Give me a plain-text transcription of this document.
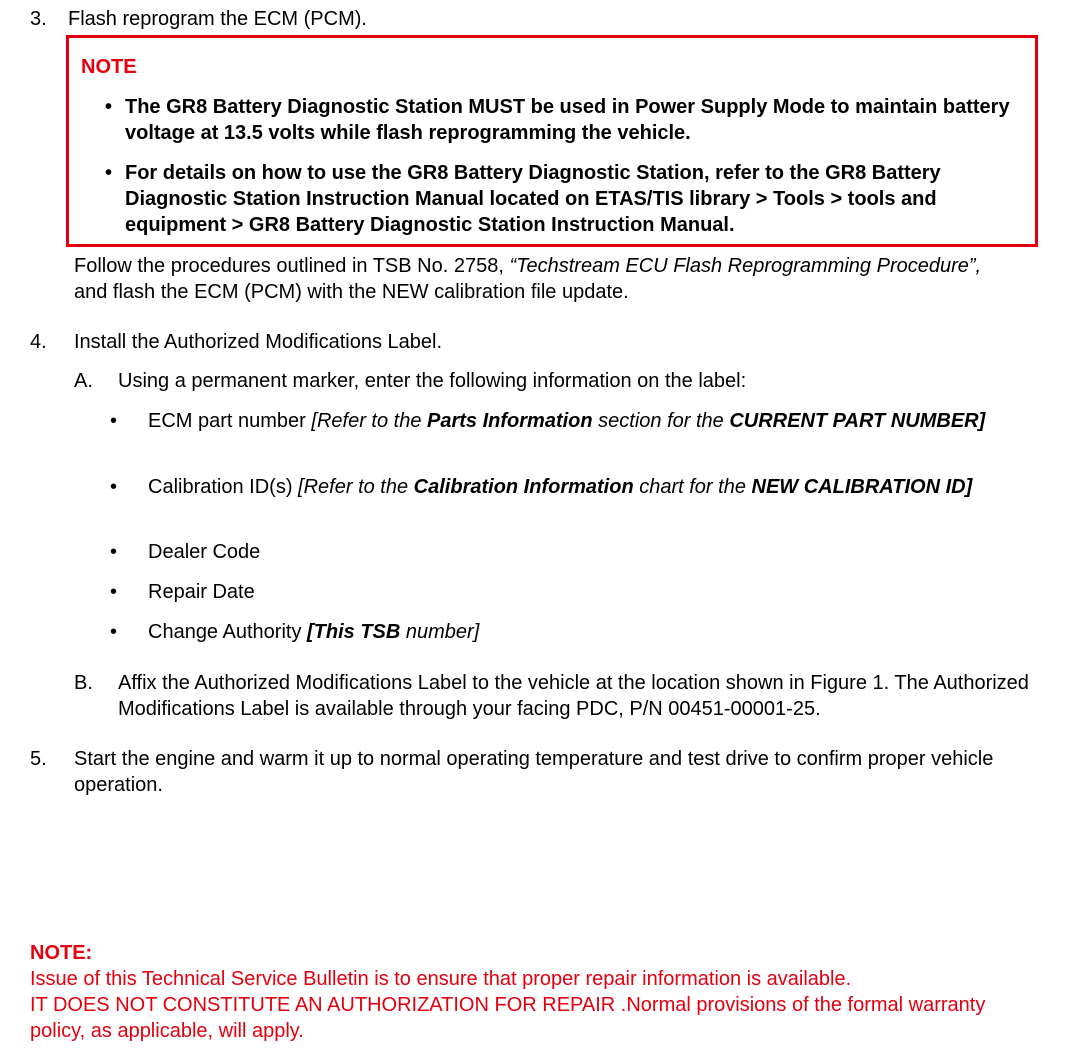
3. Flash reprogram the ECM (PCM).
NOTE
• The GR8 Battery Diagnostic Station MUST be used in Power Supply Mode to maintain battery voltage at 13.5 volts while flash reprogramming the vehicle.
• For details on how to use the GR8 Battery Diagnostic Station, refer to the GR8 Battery Diagnostic Station Instruction Manual located on ETAS/TIS library > Tools > tools and equipment > GR8 Battery Diagnostic Station Instruction Manual.
Follow the procedures outlined in TSB No. 2758, “Techstream ECU Flash Reprogramming Procedure”, and flash the ECM (PCM) with the NEW calibration file update.
4. Install the Authorized Modifications Label.
A. Using a permanent marker, enter the following information on the label:
• ECM part number [Refer to the Parts Information section for the CURRENT PART NUMBER]
• Calibration ID(s) [Refer to the Calibration Information chart for the NEW CALIBRATION ID]
• Dealer Code
• Repair Date
• Change Authority [This TSB number]
B. Affix the Authorized Modifications Label to the vehicle at the location shown in Figure 1. The Authorized Modifications Label is available through your facing PDC, P/N 00451-00001-25.
5. Start the engine and warm it up to normal operating temperature and test drive to confirm proper vehicle operation.
NOTE:
Issue of this Technical Service Bulletin is to ensure that proper repair information is available.
IT DOES NOT CONSTITUTE AN AUTHORIZATION FOR REPAIR .Normal provisions of the formal warranty policy, as applicable, will apply.
